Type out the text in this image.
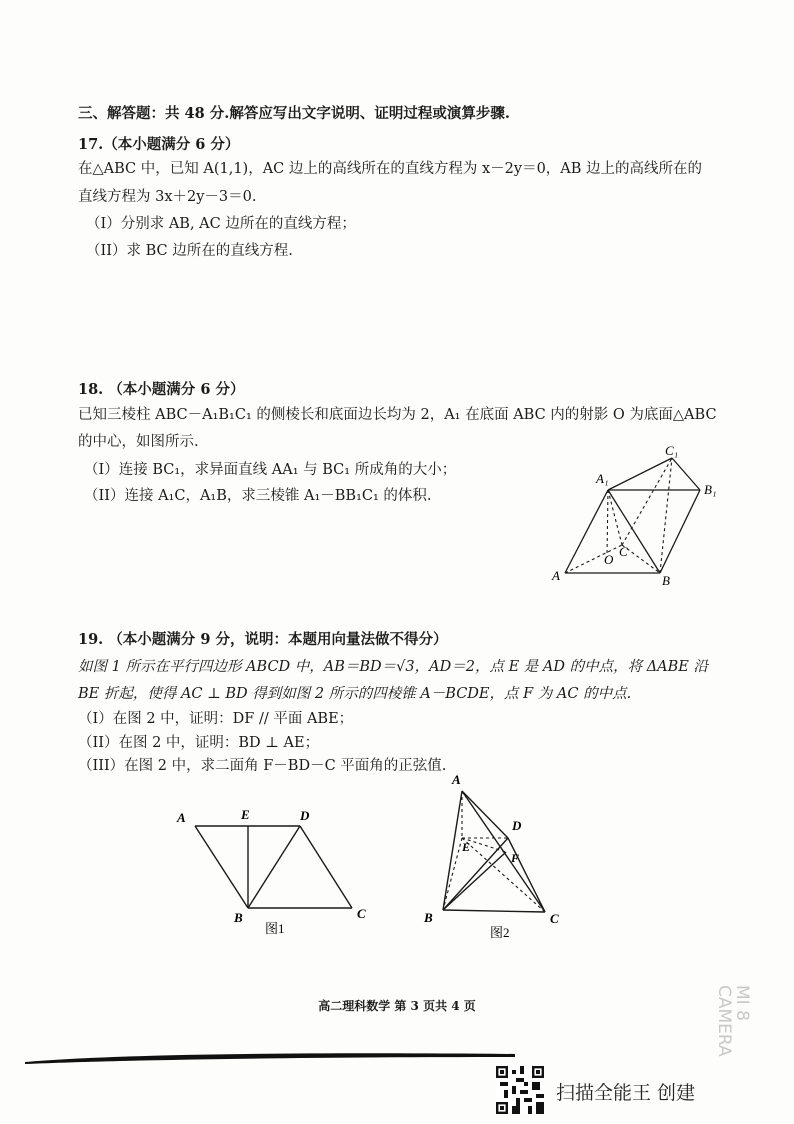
三、解答题：共 48 分.解答应写出文字说明、证明过程或演算步骤.
17.（本小题满分 6 分）
在△ABC 中，已知 A(1,1)，AC 边上的高线所在的直线方程为 x－2y＝0，AB 边上的高线所在的
直线方程为 3x＋2y－3＝0.
（I）分别求 AB, AC 边所在的直线方程；
（II）求 BC 边所在的直线方程.
18. （本小题满分 6 分）
已知三棱柱 ABC－A₁B₁C₁ 的侧棱长和底面边长均为 2，A₁ 在底面 ABC 内的射影 O 为底面△ABC
的中心，如图所示.
（I）连接 BC₁，求异面直线 AA₁ 与 BC₁ 所成角的大小；
（II）连接 A₁C，A₁B，求三棱锥 A₁－BB₁C₁ 的体积.
A	B
C
O
A₁
B₁
C₁
19. （本小题满分 9 分，说明：本题用向量法做不得分）
如图 1 所示在平行四边形 ABCD 中，AB＝BD＝√3，AD＝2，点 E 是 AD 的中点，将 ΔABE 沿
BE 折起，使得 AC ⊥ BD 得到如图 2 所示的四棱锥 A－BCDE，点 F 为 AC 的中点.
（I）在图 2 中，证明：DF // 平面 ABE；
（II）在图 2 中，证明：BD ⊥ AE；
（III）在图 2 中，求二面角 F－BD－C 平面角的正弦值.
A	E	D
B	C
图1
A
E
D
F
B	C
图2
高二理科数学 第 3 页共 4 页	MI 8
CAMERA
扫描全能王 创建
